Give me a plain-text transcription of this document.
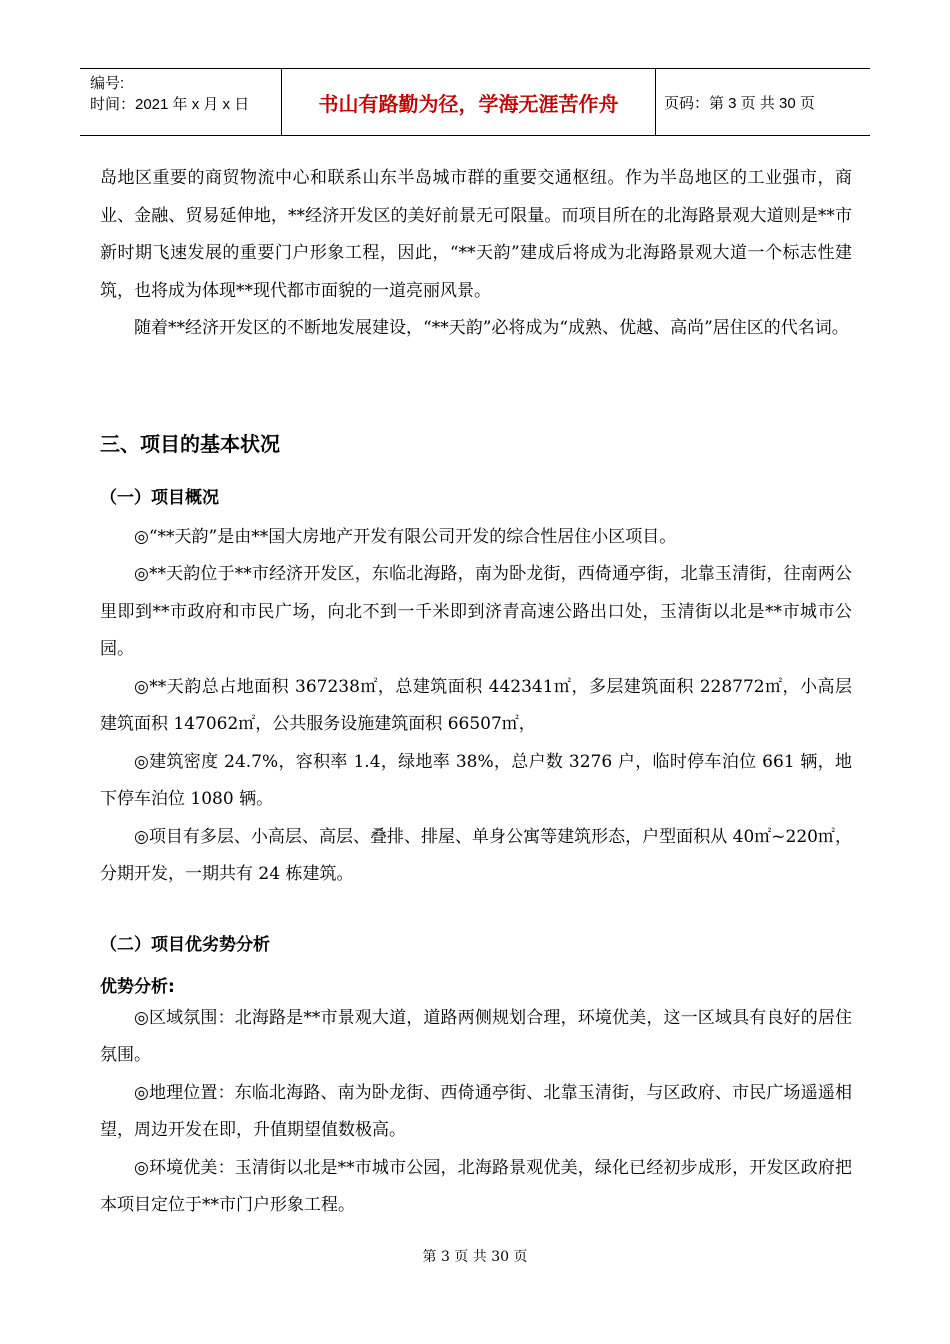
编号:
时间：2021 年 x 月 x 日	书山有路勤为径，学海无涯苦作舟	页码：第 3 页 共 30 页

岛地区重要的商贸物流中心和联系山东半岛城市群的重要交通枢纽。作为半岛地区的工业强市，商业、金融、贸易延伸地，**经济开发区的美好前景无可限量。而项目所在的北海路景观大道则是**市新时期飞速发展的重要门户形象工程，因此，“**天韵”建成后将成为北海路景观大道一个标志性建筑，也将成为体现**现代都市面貌的一道亮丽风景。

随着**经济开发区的不断地发展建设，“**天韵”必将成为“成熟、优越、高尚”居住区的代名词。

三、项目的基本状况

（一）项目概况

◎“**天韵”是由**国大房地产开发有限公司开发的综合性居住小区项目。

◎**天韵位于**市经济开发区，东临北海路，南为卧龙街，西倚通亭街，北靠玉清街，往南两公里即到**市政府和市民广场，向北不到一千米即到济青高速公路出口处，玉清街以北是**市城市公园。

◎**天韵总占地面积 367238㎡，总建筑面积 442341㎡，多层建筑面积 228772㎡，小高层建筑面积 147062㎡，公共服务设施建筑面积 66507㎡，

◎建筑密度 24.7%，容积率 1.4，绿地率 38%，总户数 3276 户，临时停车泊位 661 辆，地下停车泊位 1080 辆。

◎项目有多层、小高层、高层、叠排、排屋、单身公寓等建筑形态，户型面积从 40㎡~220㎡，分期开发，一期共有 24 栋建筑。

（二）项目优劣势分析

优势分析:

◎区域氛围：北海路是**市景观大道，道路两侧规划合理，环境优美，这一区域具有良好的居住氛围。

◎地理位置：东临北海路、南为卧龙街、西倚通亭街、北靠玉清街，与区政府、市民广场遥遥相望，周边开发在即，升值期望值数极高。

◎环境优美：玉清街以北是**市城市公园，北海路景观优美，绿化已经初步成形，开发区政府把本项目定位于**市门户形象工程。

第 3 页 共 30 页
